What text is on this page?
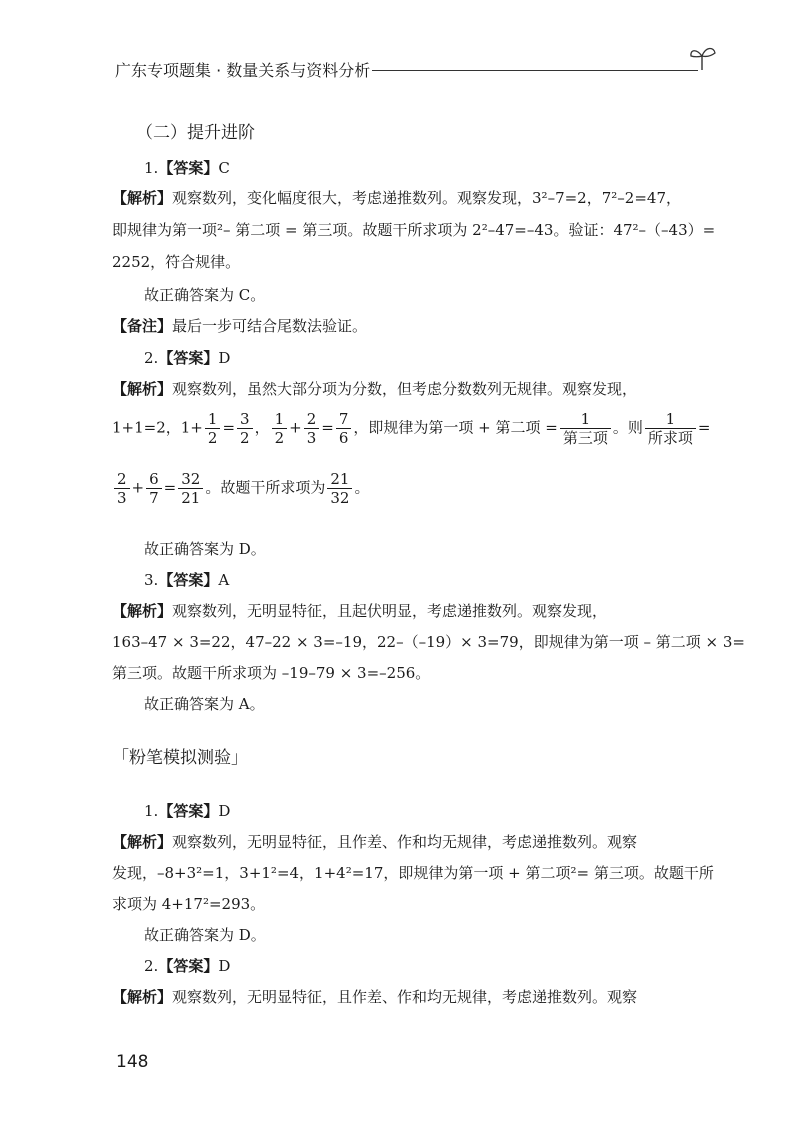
广东专项题集 · 数量关系与资料分析
（二）提升进阶
1.【答案】C
【解析】观察数列，变化幅度很大，考虑递推数列。观察发现，3²–7=2，7²–2=47，
即规律为第一项²– 第二项 = 第三项。故题干所求项为 2²–47=–43。验证：47²–（–43）=
2252，符合规律。
故正确答案为 C。
【备注】最后一步可结合尾数法验证。
2.【答案】D
【解析】观察数列，虽然大部分项为分数，但考虑分数数列无规律。观察发现，
1+1=2，$1+ \frac{1}{2} = \frac{3}{2}$ ， $\frac{1}{2} + \frac{2}{3} = \frac{7}{6}$ ，即规律为第一项 + 第二项 = $\frac{1}{\text{第三项}}$ 。则 $\frac{1}{\text{所求项}}$ =
$\frac{2}{3} + \frac{6}{7} = \frac{32}{21}$ 。故题干所求项为 $\frac{21}{32}$ 。
故正确答案为 D。
3.【答案】A
【解析】观察数列，无明显特征，且起伏明显，考虑递推数列。观察发现，
163–47 × 3=22，47–22 × 3=–19，22–（–19）× 3=79，即规律为第一项 – 第二项 × 3=
第三项。故题干所求项为 –19–79 × 3=–256。
故正确答案为 A。
「粉笔模拟测验」
1.【答案】D
【解析】观察数列，无明显特征，且作差、作和均无规律，考虑递推数列。观察
发现，–8+3²=1，3+1²=4，1+4²=17，即规律为第一项 + 第二项²= 第三项。故题干所
求项为 4+17²=293。
故正确答案为 D。
2.【答案】D
【解析】观察数列，无明显特征，且作差、作和均无规律，考虑递推数列。观察
148
